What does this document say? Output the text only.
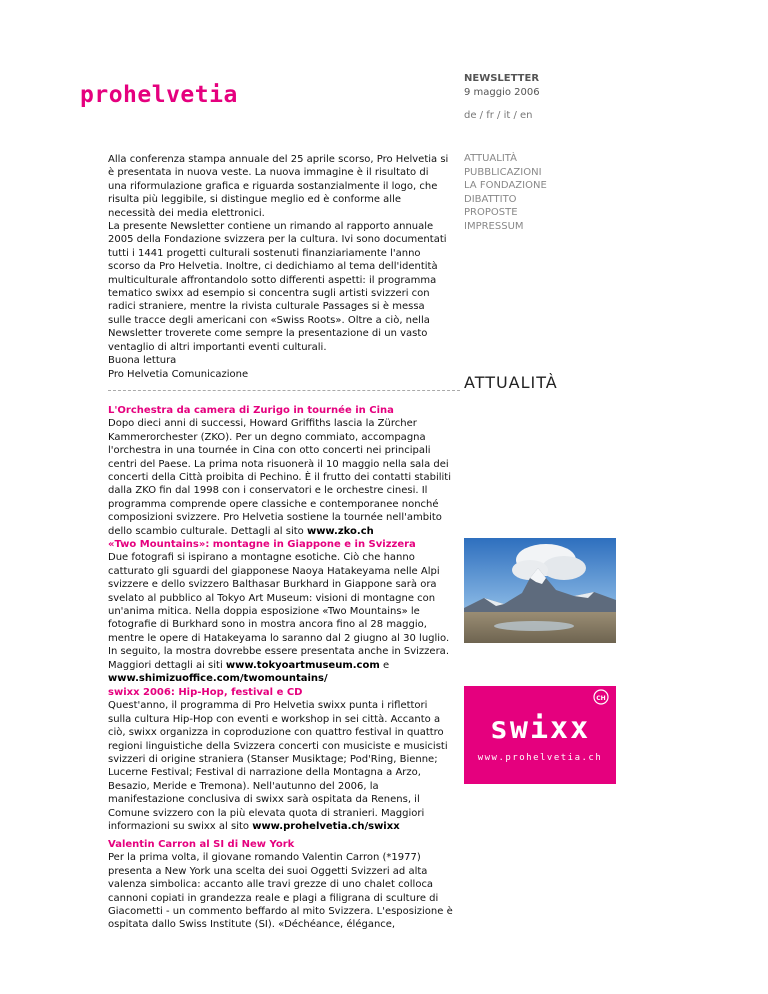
prohelvetia
NEWSLETTER
9 maggio 2006
de / fr / it / en
ATTUALITÀ
PUBBLICAZIONI
LA FONDAZIONE
DIBATTITO
PROPOSTE
IMPRESSUM
Alla conferenza stampa annuale del 25 aprile scorso, Pro Helvetia si è presentata in nuova veste. La nuova immagine è il risultato di una riformulazione grafica e riguarda sostanzialmente il logo, che risulta più leggibile, si distingue meglio ed è conforme alle necessità dei media elettronici.
La presente Newsletter contiene un rimando al rapporto annuale 2005 della Fondazione svizzera per la cultura. Ivi sono documentati tutti i 1441 progetti culturali sostenuti finanziariamente l'anno scorso da Pro Helvetia. Inoltre, ci dedichiamo al tema dell'identità multiculturale affrontandolo sotto differenti aspetti: il programma tematico swixx ad esempio si concentra sugli artisti svizzeri con radici straniere, mentre la rivista culturale Passages si è messa sulle tracce degli americani con «Swiss Roots». Oltre a ciò, nella Newsletter troverete come sempre la presentazione di un vasto ventaglio di altri importanti eventi culturali.
Buona lettura
Pro Helvetia Comunicazione	ATTUALITÀ
L'Orchestra da camera di Zurigo in tournée in Cina
Dopo dieci anni di successi, Howard Griffiths lascia la Zürcher Kammerorchester (ZKO). Per un degno commiato, accompagna l'orchestra in una tournée in Cina con otto concerti nei principali centri del Paese. La prima nota risuonerà il 10 maggio nella sala dei concerti della Città proibita di Pechino. È il frutto dei contatti stabiliti dalla ZKO fin dal 1998 con i conservatori e le orchestre cinesi. Il programma comprende opere classiche e contemporanee nonché composizioni svizzere. Pro Helvetia sostiene la tournée nell'ambito dello scambio culturale. Dettagli al sito www.zko.ch
«Two Mountains»: montagne in Giappone e in Svizzera
Due fotografi si ispirano a montagne esotiche. Ciò che hanno catturato gli sguardi del giapponese Naoya Hatakeyama nelle Alpi svizzere e dello svizzero Balthasar Burkhard in Giappone sarà ora svelato al pubblico al Tokyo Art Museum: visioni di montagne con un'anima mitica. Nella doppia esposizione «Two Mountains» le fotografie di Burkhard sono in mostra ancora fino al 28 maggio, mentre le opere di Hatakeyama lo saranno dal 2 giugno al 30 luglio. In seguito, la mostra dovrebbe essere presentata anche in Svizzera. Maggiori dettagli ai siti www.tokyoartmuseum.com e
www.shimizuoffice.com/twomountains/
swixx 2006: Hip-Hop, festival e CD
Quest'anno, il programma di Pro Helvetia swixx punta i riflettori sulla cultura Hip-Hop con eventi e workshop in sei città. Accanto a ciò, swixx organizza in coproduzione con quattro festival in quattro regioni linguistiche della Svizzera concerti con musiciste e musicisti svizzeri di origine straniera (Stanser Musiktage; Pod'Ring, Bienne; Lucerne Festival; Festival di narrazione della Montagna a Arzo, Besazio, Meride e Tremona). Nell'autunno del 2006, la manifestazione conclusiva di swixx sarà ospitata da Renens, il Comune svizzero con la più elevata quota di stranieri. Maggiori informazioni su swixx al sito www.prohelvetia.ch/swixx
Valentin Carron al SI di New York
Per la prima volta, il giovane romando Valentin Carron (*1977) presenta a New York una scelta dei suoi Oggetti Svizzeri ad alta valenza simbolica: accanto alle travi grezze di uno chalet colloca cannoni copiati in grandezza reale e plagi a filigrana di sculture di Giacometti - un commento beffardo al mito Svizzera. L'esposizione è ospitata dallo Swiss Institute (SI). «Déchéance, élégance,
CH
swixx
www.prohelvetia.ch
